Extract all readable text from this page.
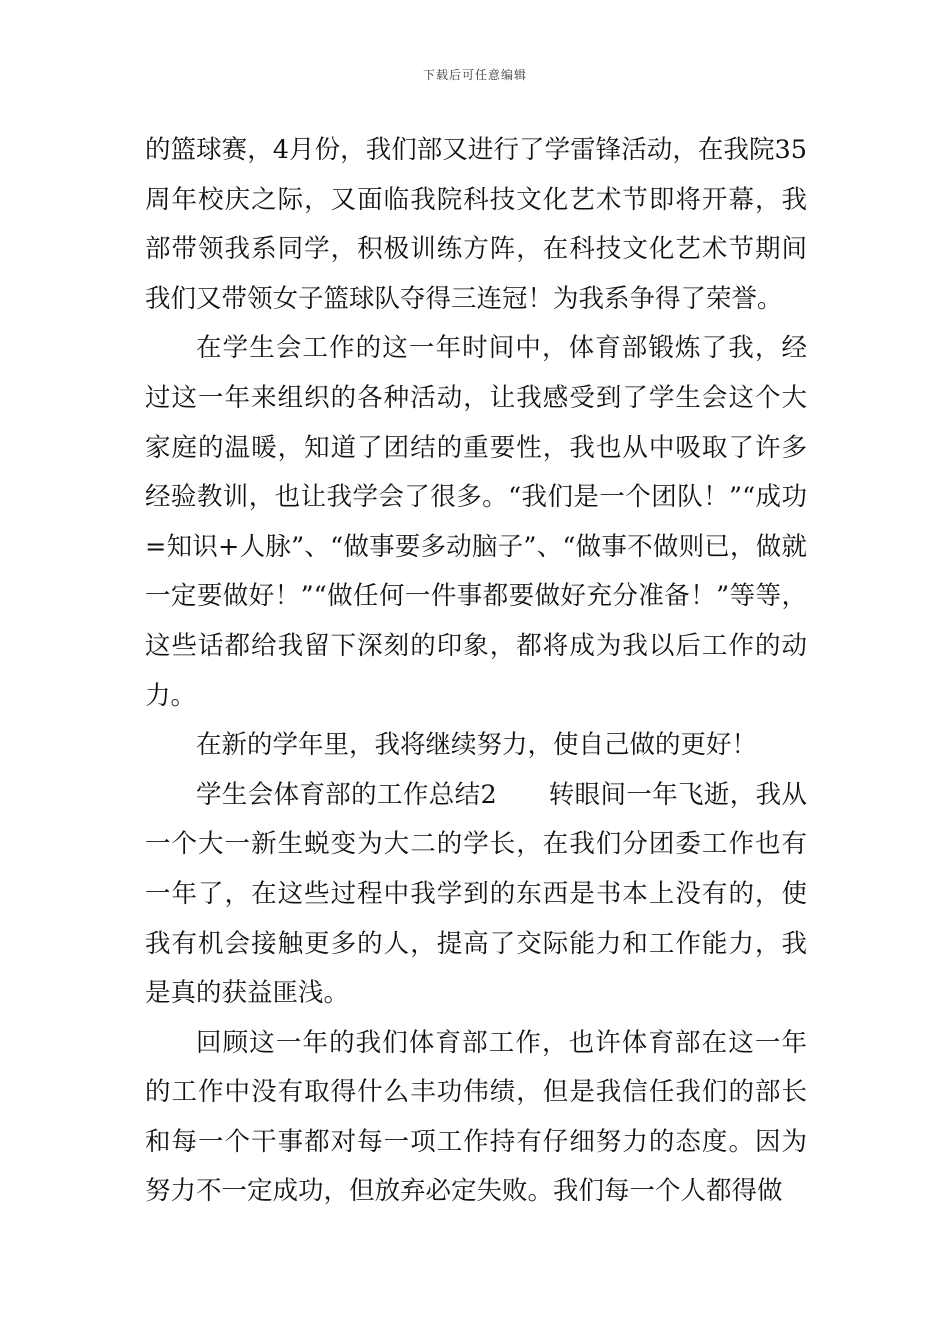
下载后可任意编辑

的篮球赛，4月份，我们部又进行了学雷锋活动，在我院35周年校庆之际，又面临我院科技文化艺术节即将开幕，我部带领我系同学，积极训练方阵，在科技文化艺术节期间我们又带领女子篮球队夺得三连冠！为我系争得了荣誉。

在学生会工作的这一年时间中，体育部锻炼了我，经过这一年来组织的各种活动，让我感受到了学生会这个大家庭的温暖，知道了团结的重要性，我也从中吸取了许多经验教训，也让我学会了很多。“我们是一个团队！”“成功=知识+人脉”、“做事要多动脑子”、“做事不做则已，做就一定要做好！”“做任何一件事都要做好充分准备！”等等，这些话都给我留下深刻的印象，都将成为我以后工作的动力。

在新的学年里，我将继续努力，使自己做的更好！

学生会体育部的工作总结2　　转眼间一年飞逝，我从一个大一新生蜕变为大二的学长，在我们分团委工作也有一年了，在这些过程中我学到的东西是书本上没有的，使我有机会接触更多的人，提高了交际能力和工作能力，我是真的获益匪浅。

回顾这一年的我们体育部工作，也许体育部在这一年的工作中没有取得什么丰功伟绩，但是我信任我们的部长和每一个干事都对每一项工作持有仔细努力的态度。因为努力不一定成功，但放弃必定失败。我们每一个人都得做
